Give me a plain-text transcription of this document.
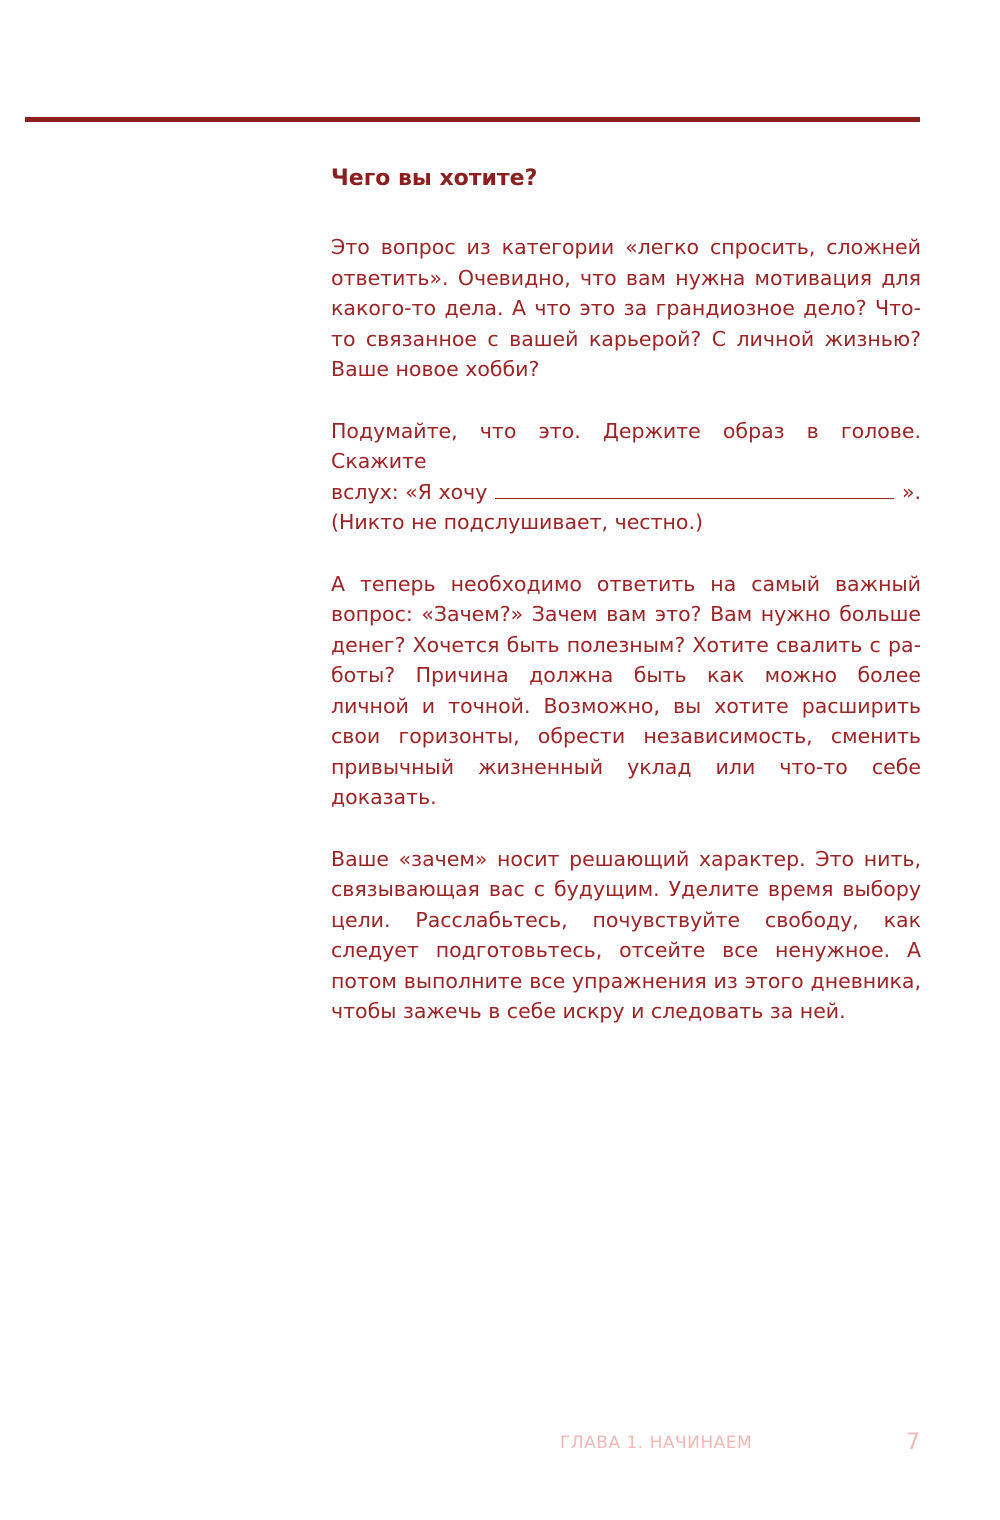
Чего вы хотите?

Это вопрос из категории «легко спросить, сложней ответить». Очевидно, что вам нужна мотивация для какого-то дела. А что это за грандиозное дело? Что-то связанное с вашей карьерой? С личной жизнью? Ваше новое хобби?

Подумайте, что это. Держите образ в голове. Скажите
вслух: «Я хочу	».
(Никто не подслушивает, честно.)

А теперь необходимо ответить на самый важный вопрос: «Зачем?» Зачем вам это? Вам нужно больше денег? Хочется быть полезным? Хотите свалить с работы? Причина должна быть как можно более личной и точной. Возможно, вы хотите расширить свои горизонты, обрести независимость, сменить привычный жизненный уклад или что-то себе доказать.

Ваше «зачем» носит решающий характер. Это нить, связывающая вас с будущим. Уделите время выбору цели. Расслабьтесь, почувствуйте свободу, как следует подготовьтесь, отсейте все ненужное. А потом выполните все упражнения из этого дневника, чтобы зажечь в себе искру и следовать за ней.

ГЛАВА 1. НАЧИНАЕМ	7
